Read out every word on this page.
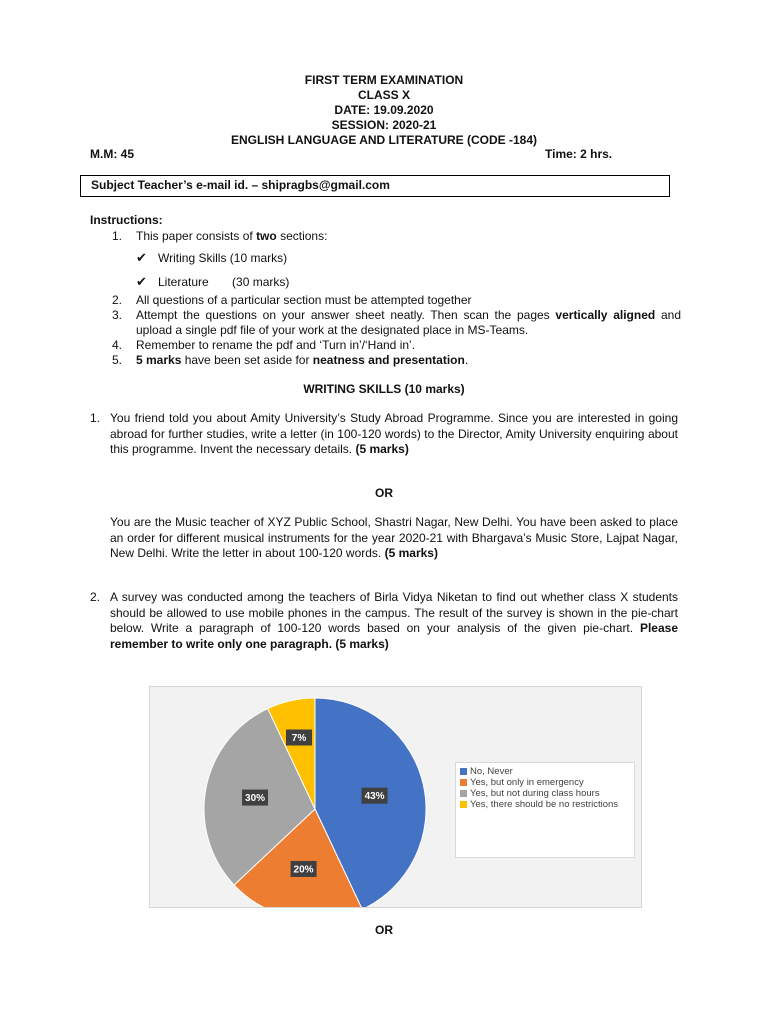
FIRST TERM EXAMINATION
CLASS X
DATE: 19.09.2020
SESSION: 2020-21
ENGLISH LANGUAGE AND LITERATURE (CODE -184)
M.M: 45	Time: 2 hrs.
Subject Teacher’s e-mail id. – shipragbs@gmail.com
Instructions:
1. This paper consists of two sections:
✔ Writing Skills (10 marks)
✔ Literature       (30 marks)
2. All questions of a particular section must be attempted together
3. Attempt the questions on your answer sheet neatly. Then scan the pages vertically aligned and upload a single pdf file of your work at the designated place in MS-Teams.
4. Remember to rename the pdf and ‘Turn in’/‘Hand in’.
5. 5 marks have been set aside for neatness and presentation.
WRITING SKILLS (10 marks)
1. You friend told you about Amity University’s Study Abroad Programme. Since you are interested in going abroad for further studies, write a letter (in 100-120 words) to the Director, Amity University enquiring about this programme. Invent the necessary details. (5 marks)
OR
You are the Music teacher of XYZ Public School, Shastri Nagar, New Delhi. You have been asked to place an order for different musical instruments for the year 2020-21 with Bhargava’s Music Store, Lajpat Nagar, New Delhi. Write the letter in about 100-120 words. (5 marks)
2. A survey was conducted among the teachers of Birla Vidya Niketan to find out whether class X students should be allowed to use mobile phones in the campus. The result of the survey is shown in the pie-chart below. Write a paragraph of 100-120 words based on your analysis of the given pie-chart. Please remember to write only one paragraph. (5 marks)
43%
20%
30%
7%
No, Never
Yes, but only in emergency
Yes, but not during class hours
Yes, there should be no restrictions
OR
